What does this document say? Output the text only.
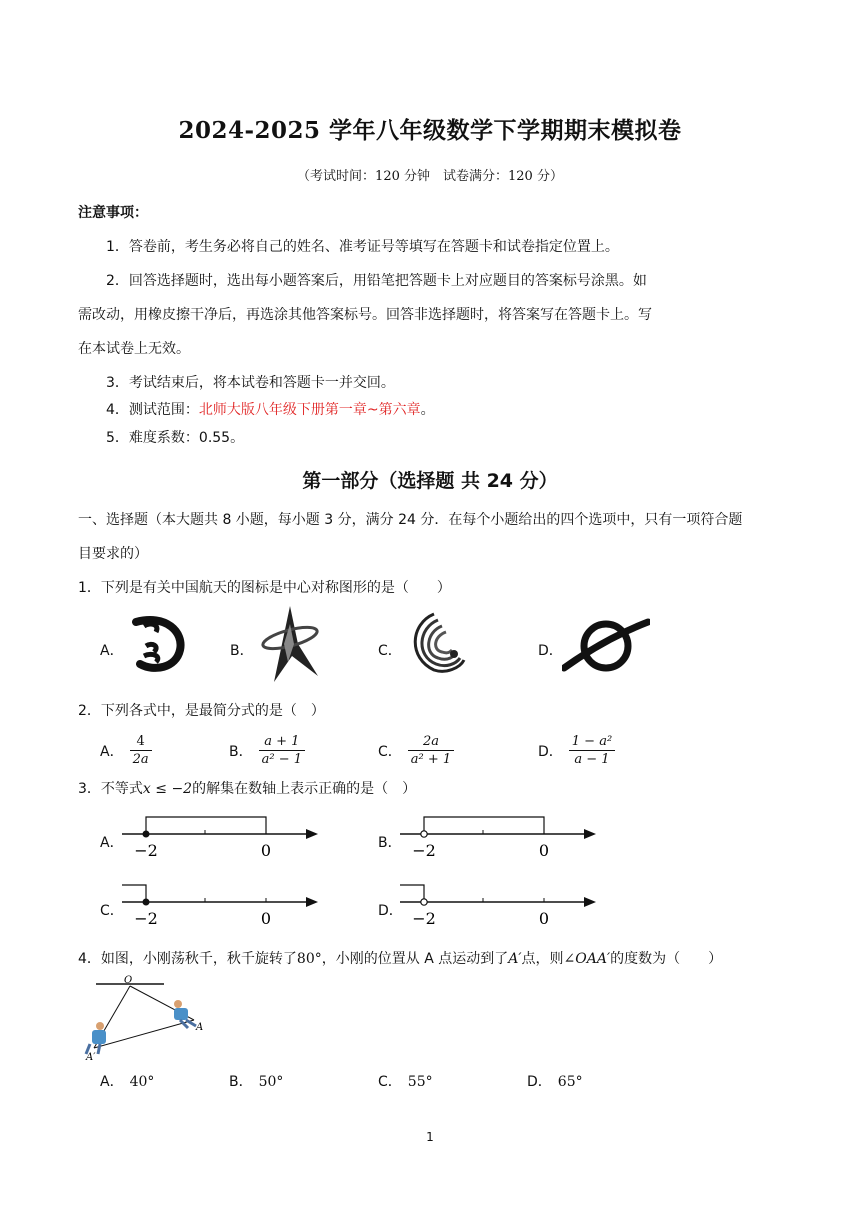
2024-2025 学年八年级数学下学期期末模拟卷
（考试时间：120 分钟　试卷满分：120 分）
注意事项：
1．答卷前，考生务必将自己的姓名、准考证号等填写在答题卡和试卷指定位置上。
2．回答选择题时，选出每小题答案后，用铅笔把答题卡上对应题目的答案标号涂黑。如
需改动，用橡皮擦干净后，再选涂其他答案标号。回答非选择题时，将答案写在答题卡上。写
在本试卷上无效。
3．考试结束后，将本试卷和答题卡一并交回。
4．测试范围：北师大版八年级下册第一章~第六章。
5．难度系数：0.55。
第一部分（选择题 共 24 分）
一、选择题（本大题共 8 小题，每小题 3 分，满分 24 分．在每个小题给出的四个选项中，只有一项符合题
目要求的）
1．下列是有关中国航天的图标是中心对称图形的是（　　）
A．	B．	C．	D．
2．下列各式中，是最简分式的是（　）
A． $\frac{4}{2a}$	B． $\frac{a + 1}{\text{a² − 1}}$	C． $\frac{2a}{\text{a² + 1}}$	D． $\frac{\text{1 − a²}}{a - 1}$
3．不等式x ≤ −2的解集在数轴上表示正确的是（　）
A． −2	0	B． −2	0
C． −2	0	D． −2	0
4．如图，小刚荡秋千，秋千旋转了80°，小刚的位置从 A 点运动到了A′点，则∠OAA′的度数为（　　）
O
A
A′
A． 40°	B． 50°	C． 55°	D． 65°
1
